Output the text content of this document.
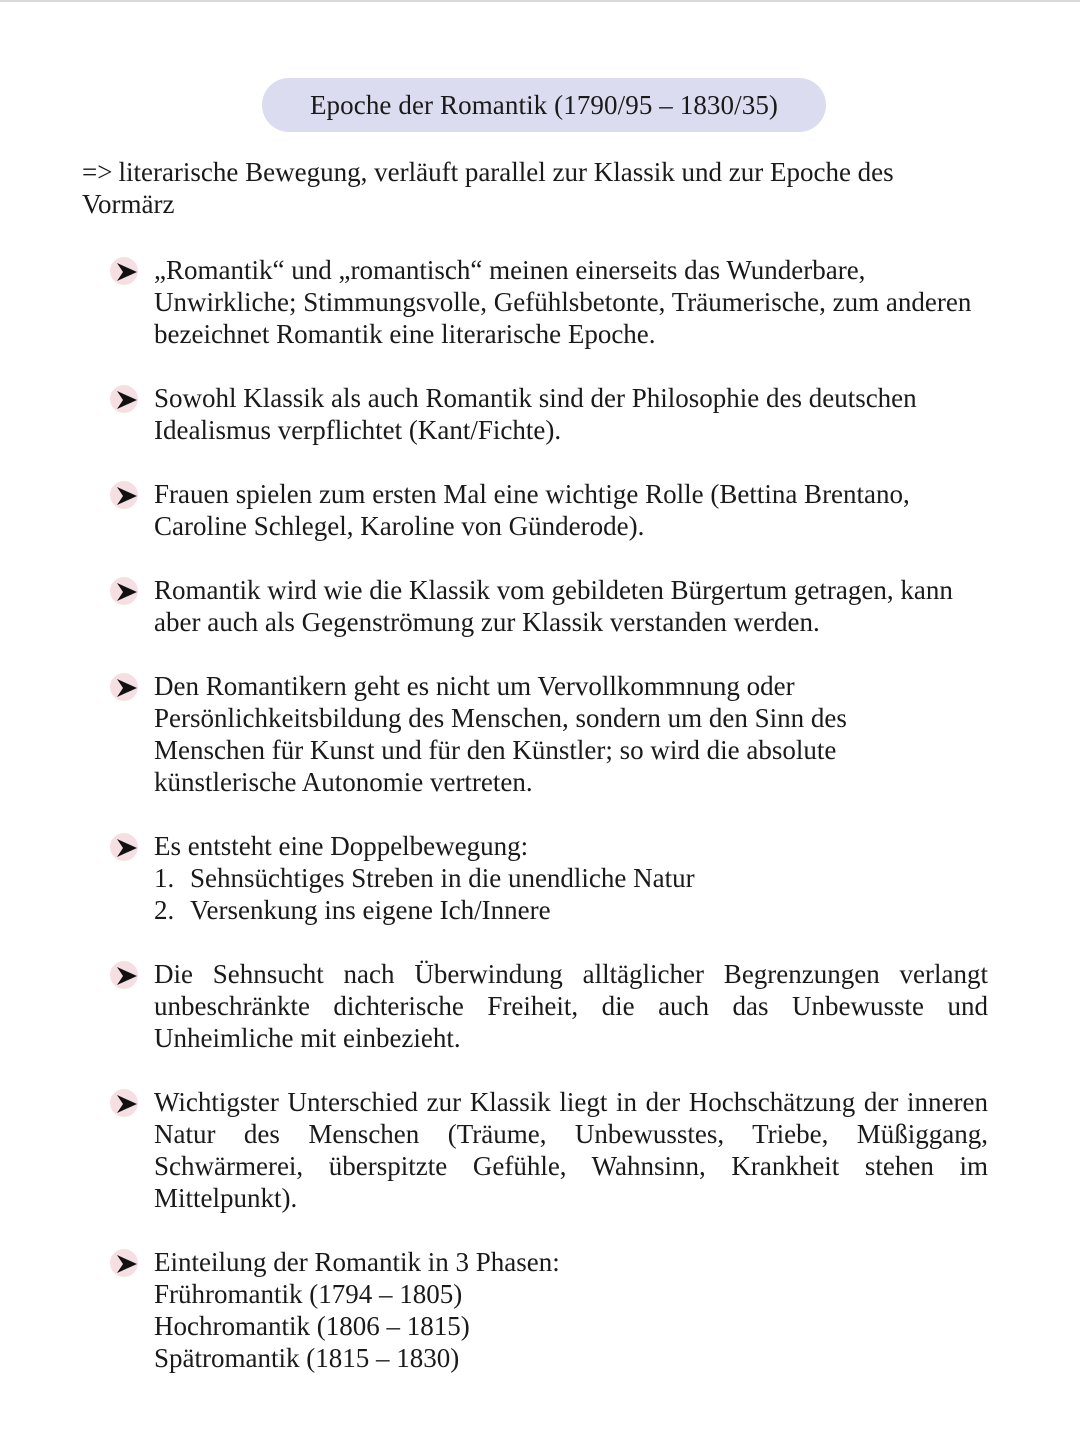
Epoche der Romantik (1790/95 – 1830/35)
=> literarische Bewegung, verläuft parallel zur Klassik und zur Epoche des Vormärz
„Romantik“ und „romantisch“ meinen einerseits das Wunderbare, Unwirkliche; Stimmungsvolle, Gefühlsbetonte, Träumerische, zum anderen bezeichnet Romantik eine literarische Epoche.
Sowohl Klassik als auch Romantik sind der Philosophie des deutschen Idealismus verpflichtet (Kant/Fichte).
Frauen spielen zum ersten Mal eine wichtige Rolle (Bettina Brentano, Caroline Schlegel, Karoline von Günderode).
Romantik wird wie die Klassik vom gebildeten Bürgertum getragen, kann aber auch als Gegenströmung zur Klassik verstanden werden.
Den Romantikern geht es nicht um Vervollkommnung oder Persönlichkeitsbildung des Menschen, sondern um den Sinn des Menschen für Kunst und für den Künstler; so wird die absolute künstlerische Autonomie vertreten.
Es entsteht eine Doppelbewegung:
1. Sehnsüchtiges Streben in die unendliche Natur
2. Versenkung ins eigene Ich/Innere
Die Sehnsucht nach Überwindung alltäglicher Begrenzungen verlangt unbeschränkte dichterische Freiheit, die auch das Unbewusste und Unheimliche mit einbezieht.
Wichtigster Unterschied zur Klassik liegt in der Hochschätzung der inneren Natur des Menschen (Träume, Unbewusstes, Triebe, Müßiggang, Schwärmerei, überspitzte Gefühle, Wahnsinn, Krankheit stehen im Mittelpunkt).
Einteilung der Romantik in 3 Phasen:
Frühromantik (1794 – 1805)
Hochromantik (1806 – 1815)
Spätromantik (1815 – 1830)
